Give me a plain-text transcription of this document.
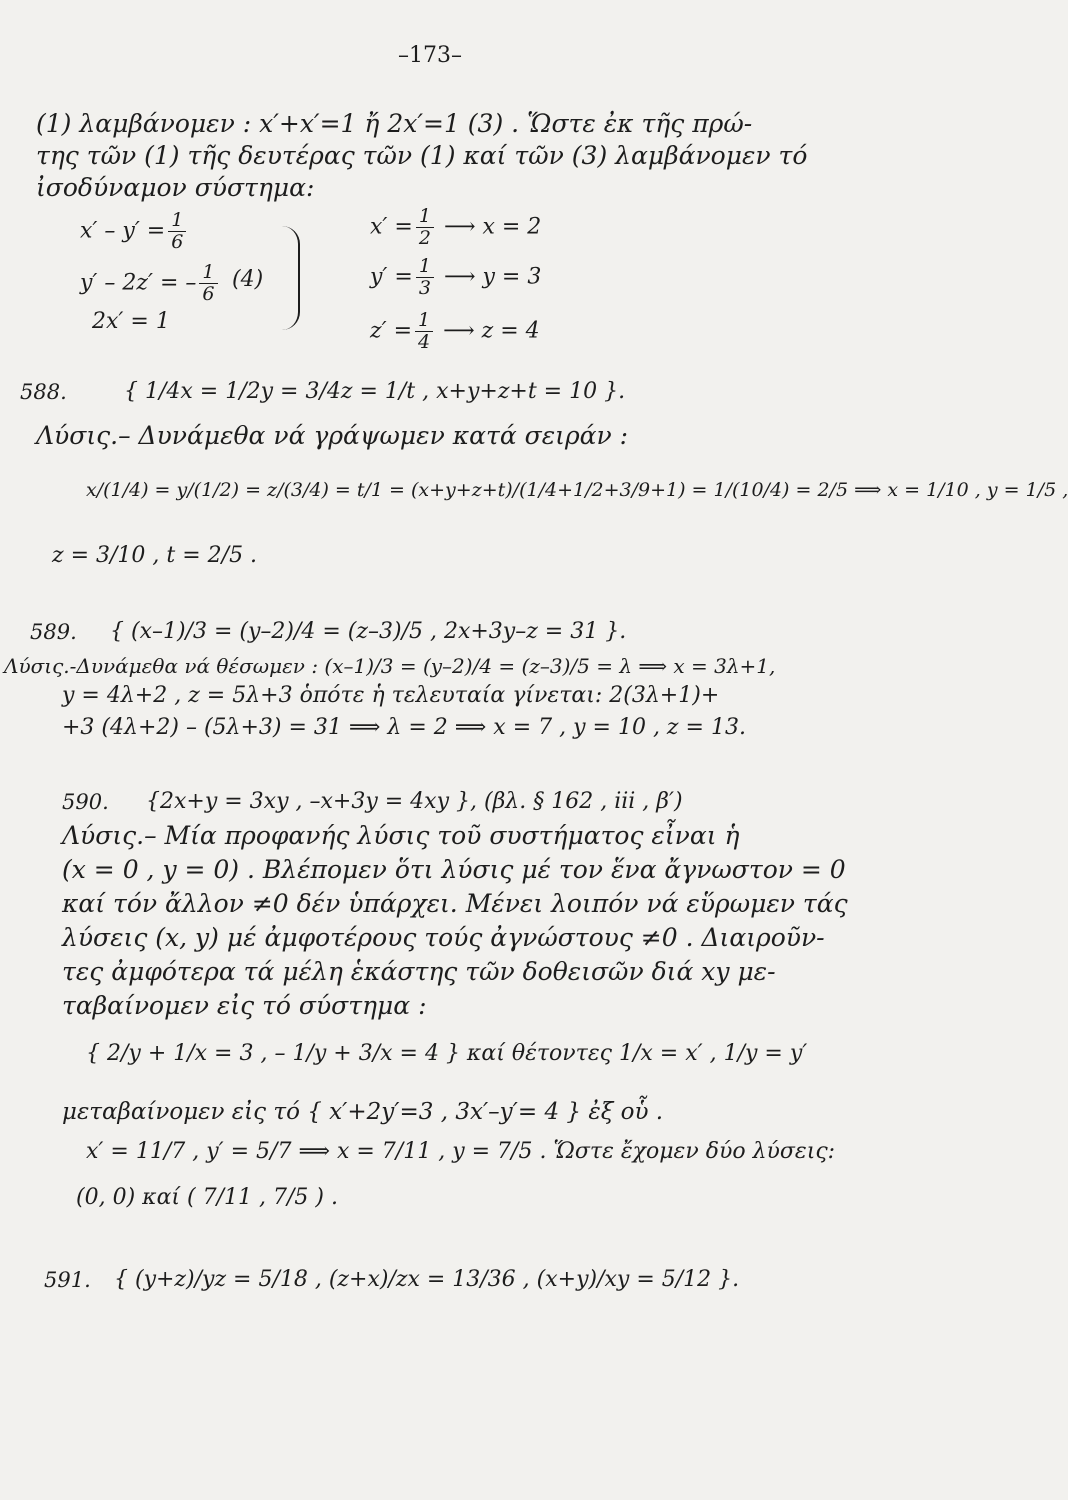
–173–
(1) λαμβάνομεν : x′+x′=1 ἤ 2x′=1 (3) . Ὥστε ἐκ τῆς πρώ-
της τῶν (1) τῆς δευτέρας τῶν (1) καί τῶν (3) λαμβάνομεν τό
ἰσοδύναμον σύστημα:
$x' - y' = \frac{1}{6}$
y′ – 2z′ = – $\frac{1}{6}$
2x′ = 1
(4)
$x' = \frac{1}{2}$ ⟶ x = 2
$y' = \frac{1}{3}$ ⟶ y = 3
$z' = \frac{1}{4}$ ⟶ z = 4
588.	{ 1/4x = 1/2y = 3/4z = 1/t , x+y+z+t = 10 }.
Λύσις.– Δυνάμεθα νά γράψωμεν κατά σειράν :
x/(1/4) = y/(1/2) = z/(3/4) = t/1 = (x+y+z+t)/(1/4+1/2+3/9+1) = 1/(10/4) = 2/5 ⟹ x = 1/10 , y = 1/5 ,
z = 3/10 , t = 2/5 .
589. { (x–1)/3 = (y–2)/4 = (z–3)/5 , 2x+3y–z = 31 }.
Λύσις.-Δυνάμεθα νά θέσωμεν : (x–1)/3 = (y–2)/4 = (z–3)/5 = λ ⟹ x = 3λ+1,
y = 4λ+2 , z = 5λ+3 ὁπότε ἡ τελευταία γίνεται: 2(3λ+1)+
+3 (4λ+2) – (5λ+3) = 31 ⟹ λ = 2 ⟹ x = 7 , y = 10 , z = 13.
590. {2x+y = 3xy , –x+3y = 4xy }, (βλ. § 162 , iii , β′)
Λύσις.– Μία προφανής λύσις τοῦ συστήματος εἶναι ἡ
(x = 0 , y = 0) . Βλέπομεν ὅτι λύσις μέ τον ἕνα ἄγνωστον = 0
καί τόν ἄλλον ≠0 δέν ὑπάρχει. Μένει λοιπόν νά εὕρωμεν τάς
λύσεις (x, y) μέ ἀμφοτέρους τούς ἀγνώστους ≠0 . Διαιροῦν-
τες ἀμφότερα τά μέλη ἑκάστης τῶν δοθεισῶν διά xy με-
ταβαίνομεν εἰς τό σύστημα :
{ 2/y + 1/x = 3 , – 1/y + 3/x = 4 } καί θέτοντες 1/x = x′ , 1/y = y′
μεταβαίνομεν εἰς τό { x′+2y′=3 , 3x′–y′= 4 } ἐξ οὗ .
x′ = 11/7 , y′ = 5/7 ⟹ x = 7/11 , y = 7/5 . Ὥστε ἔχομεν δύο λύσεις:
(0, 0) καί ( 7/11 , 7/5 ) .
591. { (y+z)/yz = 5/18 , (z+x)/zx = 13/36 , (x+y)/xy = 5/12 }.
